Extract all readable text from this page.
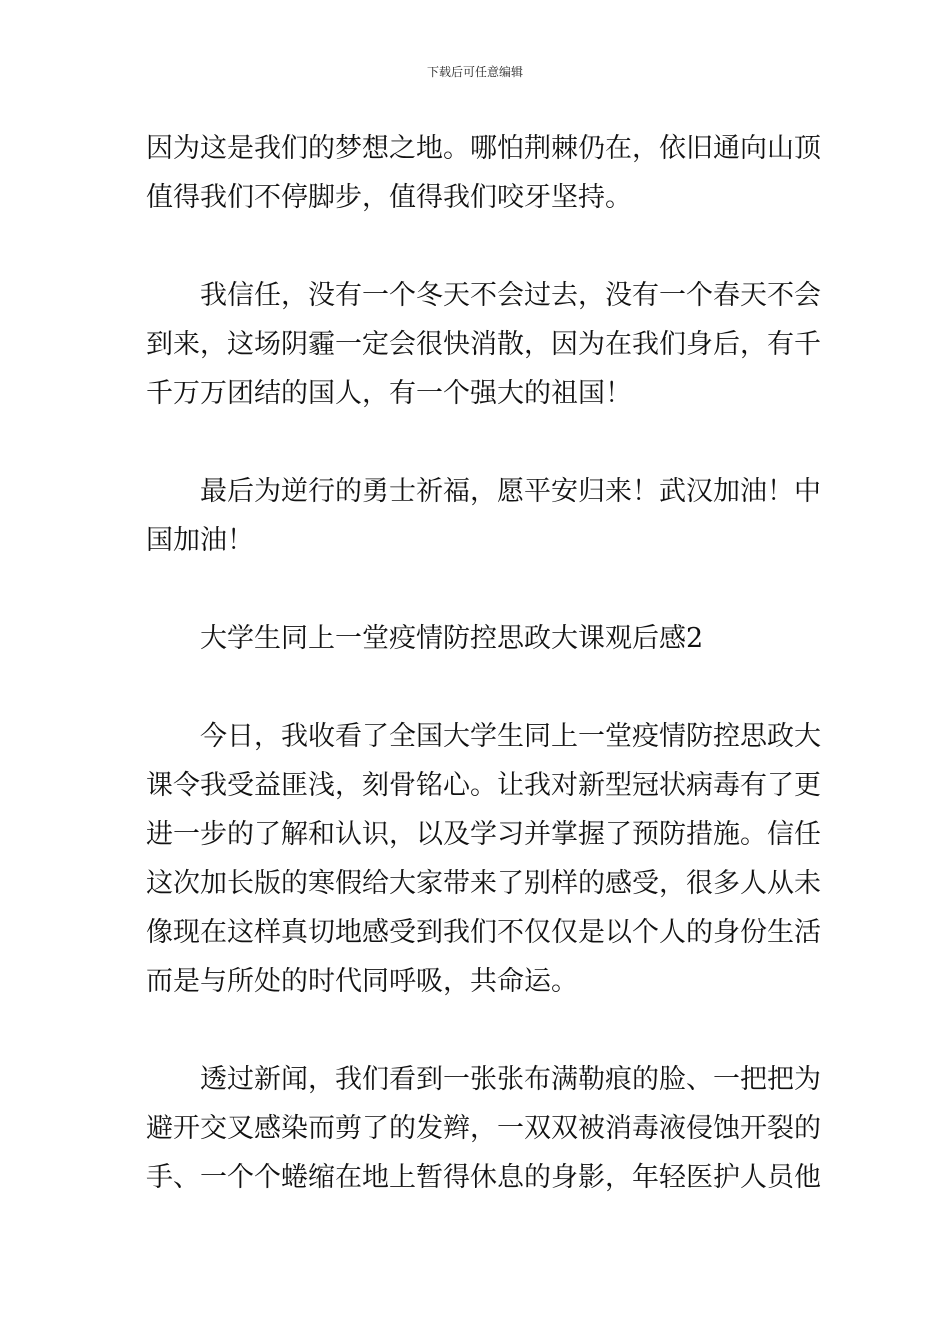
下载后可任意编辑
因为这是我们的梦想之地。哪怕荆棘仍在，依旧通向山顶
值得我们不停脚步，值得我们咬牙坚持。
我信任，没有一个冬天不会过去，没有一个春天不会
到来，这场阴霾一定会很快消散，因为在我们身后，有千
千万万团结的国人，有一个强大的祖国！
最后为逆行的勇士祈福，愿平安归来！武汉加油！中
国加油！
大学生同上一堂疫情防控思政大课观后感2
今日，我收看了全国大学生同上一堂疫情防控思政大
课令我受益匪浅，刻骨铭心。让我对新型冠状病毒有了更
进一步的了解和认识，以及学习并掌握了预防措施。信任
这次加长版的寒假给大家带来了别样的感受，很多人从未
像现在这样真切地感受到我们不仅仅是以个人的身份生活
而是与所处的时代同呼吸，共命运。
透过新闻，我们看到一张张布满勒痕的脸、一把把为
避开交叉感染而剪了的发辫，一双双被消毒液侵蚀开裂的
手、一个个蜷缩在地上暂得休息的身影，年轻医护人员他
